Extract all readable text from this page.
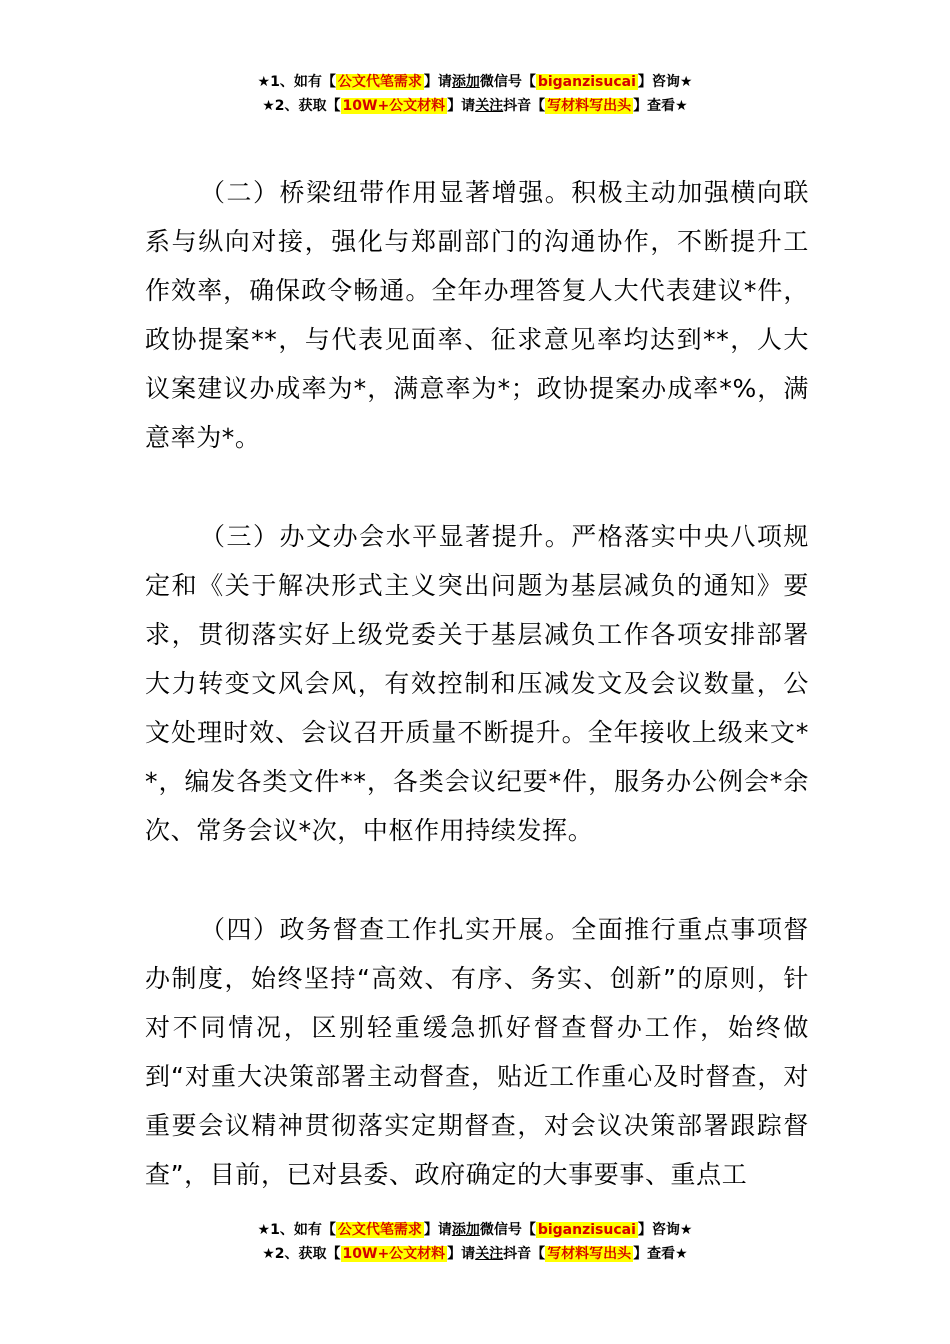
★1、如有【 公文代笔需求 】请添加微信号【 biganzisucai 】咨询★
★2、获取【 10W+公文材料 】请关注抖音【 写材料写出头 】查看★

（二）桥梁纽带作用显著增强。积极主动加强横向联系与纵向对接，强化与郑副部门的沟通协作，不断提升工作效率，确保政令畅通。全年办理答复人大代表建议*件，政协提案**，与代表见面率、征求意见率均达到**，人大议案建议办成率为*，满意率为*；政协提案办成率*%，满意率为*。

（三）办文办会水平显著提升。严格落实中央八项规定和《关于解决形式主义突出问题为基层减负的通知》要求，贯彻落实好上级党委关于基层减负工作各项安排部署大力转变文风会风，有效控制和压减发文及会议数量，公文处理时效、会议召开质量不断提升。全年接收上级来文**，编发各类文件**，各类会议纪要*件，服务办公例会*余次、常务会议*次，中枢作用持续发挥。

（四）政务督查工作扎实开展。全面推行重点事项督办制度，始终坚持“高效、有序、务实、创新”的原则，针对不同情况，区别轻重缓急抓好督查督办工作，始终做到“对重大决策部署主动督查，贴近工作重心及时督查，对重要会议精神贯彻落实定期督查，对会议决策部署跟踪督查”，目前，已对县委、政府确定的大事要事、重点工

★1、如有【 公文代笔需求 】请添加微信号【 biganzisucai 】咨询★
★2、获取【 10W+公文材料 】请关注抖音【 写材料写出头 】查看★
